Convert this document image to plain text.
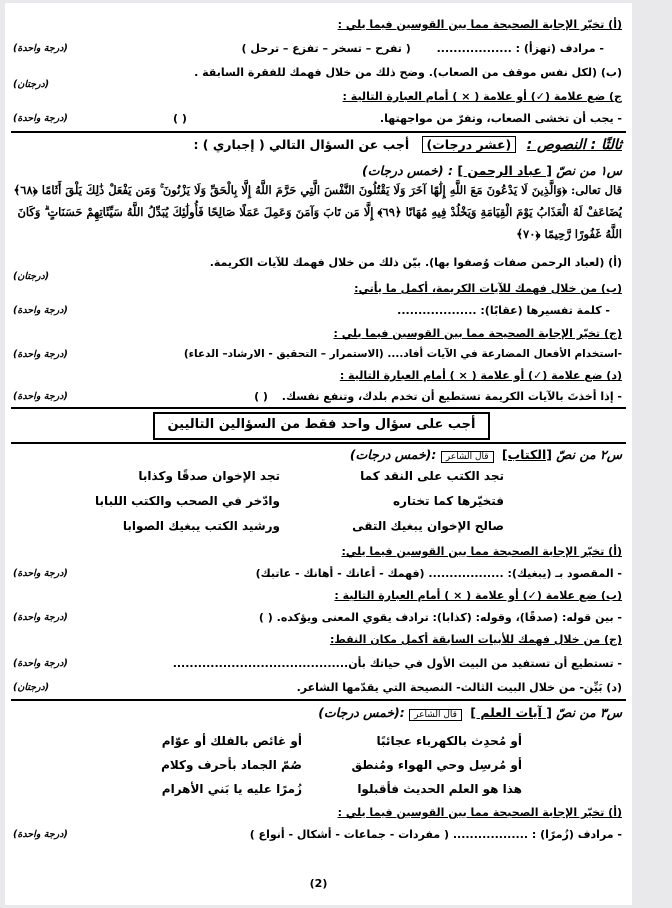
(أ) تخيّر الإجابة الصحيحة مما بين القوسين فيما يلي :
- مرادف (تهزأ) : .................. ( تفرح – تسخر – تفزع – ترحل )
(درجة واحدة)
(ب) (لكل نفس موقف من الصعاب). وضح ذلك من خلال فهمك للفقرة السابقة .
(درجتان)
ج) ضع علامة (✓) أو علامة ( × ) أمام العبارة التالية :
- يجب أن تخشى الصعاب، وتفرّ من مواجهتها.
( )
(درجة واحدة)
ثالثًا : النصوص : (عشر درجات) أجب عن السؤال التالي ( إجباري ) :
س١ من نصّ [ عباد الرحمن ] : (خمس درجات)
قال تعالى: ﴿وَالَّذِينَ لَا يَدْعُونَ مَعَ اللَّهِ إِلَٰهًا آخَرَ وَلَا يَقْتُلُونَ النَّفْسَ الَّتِي حَرَّمَ اللَّهُ إِلَّا بِالْحَقِّ وَلَا يَزْنُونَ ۚ وَمَن يَفْعَلْ ذَٰلِكَ يَلْقَ أَثَامًا ﴿٦٨﴾ يُضَاعَفْ لَهُ الْعَذَابُ يَوْمَ الْقِيَامَةِ وَيَخْلُدْ فِيهِ مُهَانًا ﴿٦٩﴾ إِلَّا مَن تَابَ وَآمَنَ وَعَمِلَ عَمَلًا صَالِحًا فَأُولَٰئِكَ يُبَدِّلُ اللَّهُ سَيِّئَاتِهِمْ حَسَنَاتٍ ۗ وَكَانَ اللَّهُ غَفُورًا رَّحِيمًا ﴿٧٠﴾
(أ) (لعباد الرحمن صفات وُصفوا بها). بيّن ذلك من خلال فهمك للآيات الكريمة.
(درجتان)
(ب) من خلال فهمك للآيات الكريمة، أكمل ما يأتي:
- كلمة تفسيرها (عقابًا): ...................
(درجة واحدة)
(ج) تخيّر الإجابة الصحيحة مما بين القوسين فيما يلي :
-استخدام الأفعال المضارعة في الآيات أفاد.... (الاستمرار – التحقيق - الارشاد– الدعاء)
(درجة واحدة)
(د) ضع علامة (✓) أو علامة ( × ) أمام العبارة التالية :
- إذا أخذتَ بالآيات الكريمة تستطيع أن تخدم بلدك، وتنفع نفسك. ( )
(درجة واحدة)
أجب على سؤال واحد فقط من السؤالين التاليين
س٢ من نصّ [الكتاب] قال الشاعر :(خمس درجات)
تجد الكتب على النقد كما
تجد الإخوان صدقًا وكذابا
فتخيّرها كما تختاره
وادّخر في الصحب والكتب اللبابا
صالح الإخوان يبغيك التقى
ورشيد الكتب يبغيك الصوابا
(أ) تخيّر الإجابة الصحيحة مما بين القوسين فيما يلي:
- المقصود بـ (يبغيك): .................. (فهمك - أعانك - أهانك - عاتبك)
(درجة واحدة)
(ب) ضع علامة (✓) أو علامة ( × ) أمام العبارة التالية :
- بين قوله: (صدقًا)، وقوله: (كذابا): ترادف يقوي المعنى ويؤكده. ( )
(درجة واحدة)
(ج) من خلال فهمك للأبيات السابقة أكمل مكان النقط:
- تستطيع أن تستفيد من البيت الأول في حياتك بأن..........................................
(درجة واحدة)
(د) بَيِّن- من خلال البيت الثالث- النصيحة التي يقدّمها الشاعر.
(درجتان)
س٣ من نصّ [ آيات العلم ] قال الشاعر :(خمس درجات)
أو مُحدِث بالكهرباء عجائبًا
أو غائص بالفلك أو عوّام
أو مُرسِل وحي الهواء ومُنطق
صُمّ الجماد بأحرف وكلام
هذا هو العلم الحديث فأقبلوا
زُمرًا عليه يا بَني الأهرام
(أ) تخيّر الإجابة الصحيحة مما بين القوسين فيما يلي :
- مرادف (زُمرًا) : .................. ( مفردات - جماعات - أشكال - أنواع )
(درجة واحدة)
(2)
